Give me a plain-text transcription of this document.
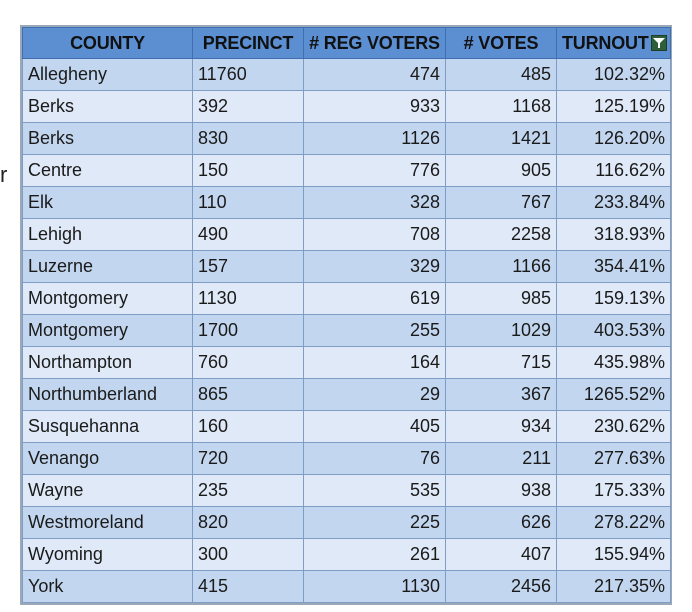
r
COUNTY	PRECINCT	# REG VOTERS	# VOTES	TURNOUT

Allegheny	11760	474	485	102.32%
Berks	392	933	1168	125.19%
Berks	830	1126	1421	126.20%
Centre	150	776	905	116.62%
Elk	110	328	767	233.84%
Lehigh	490	708	2258	318.93%
Luzerne	157	329	1166	354.41%
Montgomery	1130	619	985	159.13%
Montgomery	1700	255	1029	403.53%
Northampton	760	164	715	435.98%
Northumberland	865	29	367	1265.52%
Susquehanna	160	405	934	230.62%
Venango	720	76	211	277.63%
Wayne	235	535	938	175.33%
Westmoreland	820	225	626	278.22%
Wyoming	300	261	407	155.94%
York	415	1130	2456	217.35%
